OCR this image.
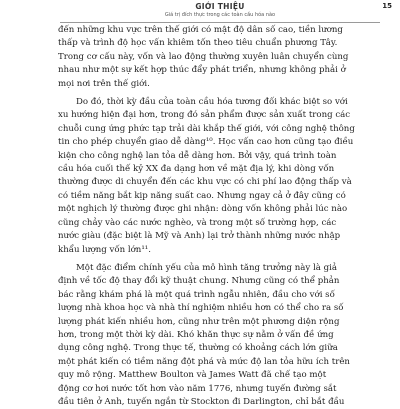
GIỚI THIỆU
Giá trị đích thực trong các toàn cầu hóa nào
15
đến những khu vực trên thế giới có mật độ dân số cao, tiền lương
thấp và trình độ học vấn khiêm tốn theo tiêu chuẩn phương Tây.
Trong cơ cấu này, vốn và lao động thường xuyên luân chuyển cùng
nhau như một sự kết hợp thúc đẩy phát triển, nhưng không phải ở
mọi nơi trên thế giới.
Do đó, thời kỳ đầu của toàn cầu hóa tương đối khác biệt so với
xu hướng hiện đại hơn, trong đó sản phẩm được sản xuất trong các
chuỗi cung ứng phức tạp trải dài khắp thế giới, với công nghệ thông
tin cho phép chuyển giao dễ dàng¹⁰. Học vấn cao hơn cũng tạo điều
kiện cho công nghệ lan tỏa dễ dàng hơn. Bởi vậy, quá trình toàn
cầu hóa cuối thế kỷ XX đa dạng hơn về mặt địa lý, khi dòng vốn
thường được di chuyển đến các khu vực có chi phí lao động thấp và
có tiềm năng bắt kịp năng suất cao. Nhưng ngay cả ở đây cũng có
một nghịch lý thường được ghi nhận: dòng vốn không phải lúc nào
cũng chảy vào các nước nghèo, và trong một số trường hợp, các
nước giàu (đặc biệt là Mỹ và Anh) lại trở thành những nước nhập
khẩu lượng vốn lớn¹¹.
Một đặc điểm chính yếu của mô hình tăng trưởng này là giả
định về tốc độ thay đổi kỹ thuật chung. Nhưng cũng có thể phản
bác rằng khám phá là một quá trình ngẫu nhiên, đầu cho với số
lượng nhà khoa học và nhà thí nghiệm nhiều hơn có thể cho ra số
lượng phát kiến nhiều hơn, cũng như trên một phương diện rộng
hơn, trong một thời kỳ dài. Khó khăn thực sự nằm ở vấn đề ứng
dụng công nghệ. Trong thực tế, thường có khoảng cách lớn giữa
một phát kiến có tiềm năng đột phá và mức độ lan tỏa hữu ích trên
quy mô rộng. Matthew Boulton và James Watt đã chế tạo một
động cơ hơi nước tốt hơn vào năm 1776, nhưng tuyến đường sắt
đầu tiên ở Anh, tuyến ngắn từ Stockton đi Darlington, chỉ bắt đầu
